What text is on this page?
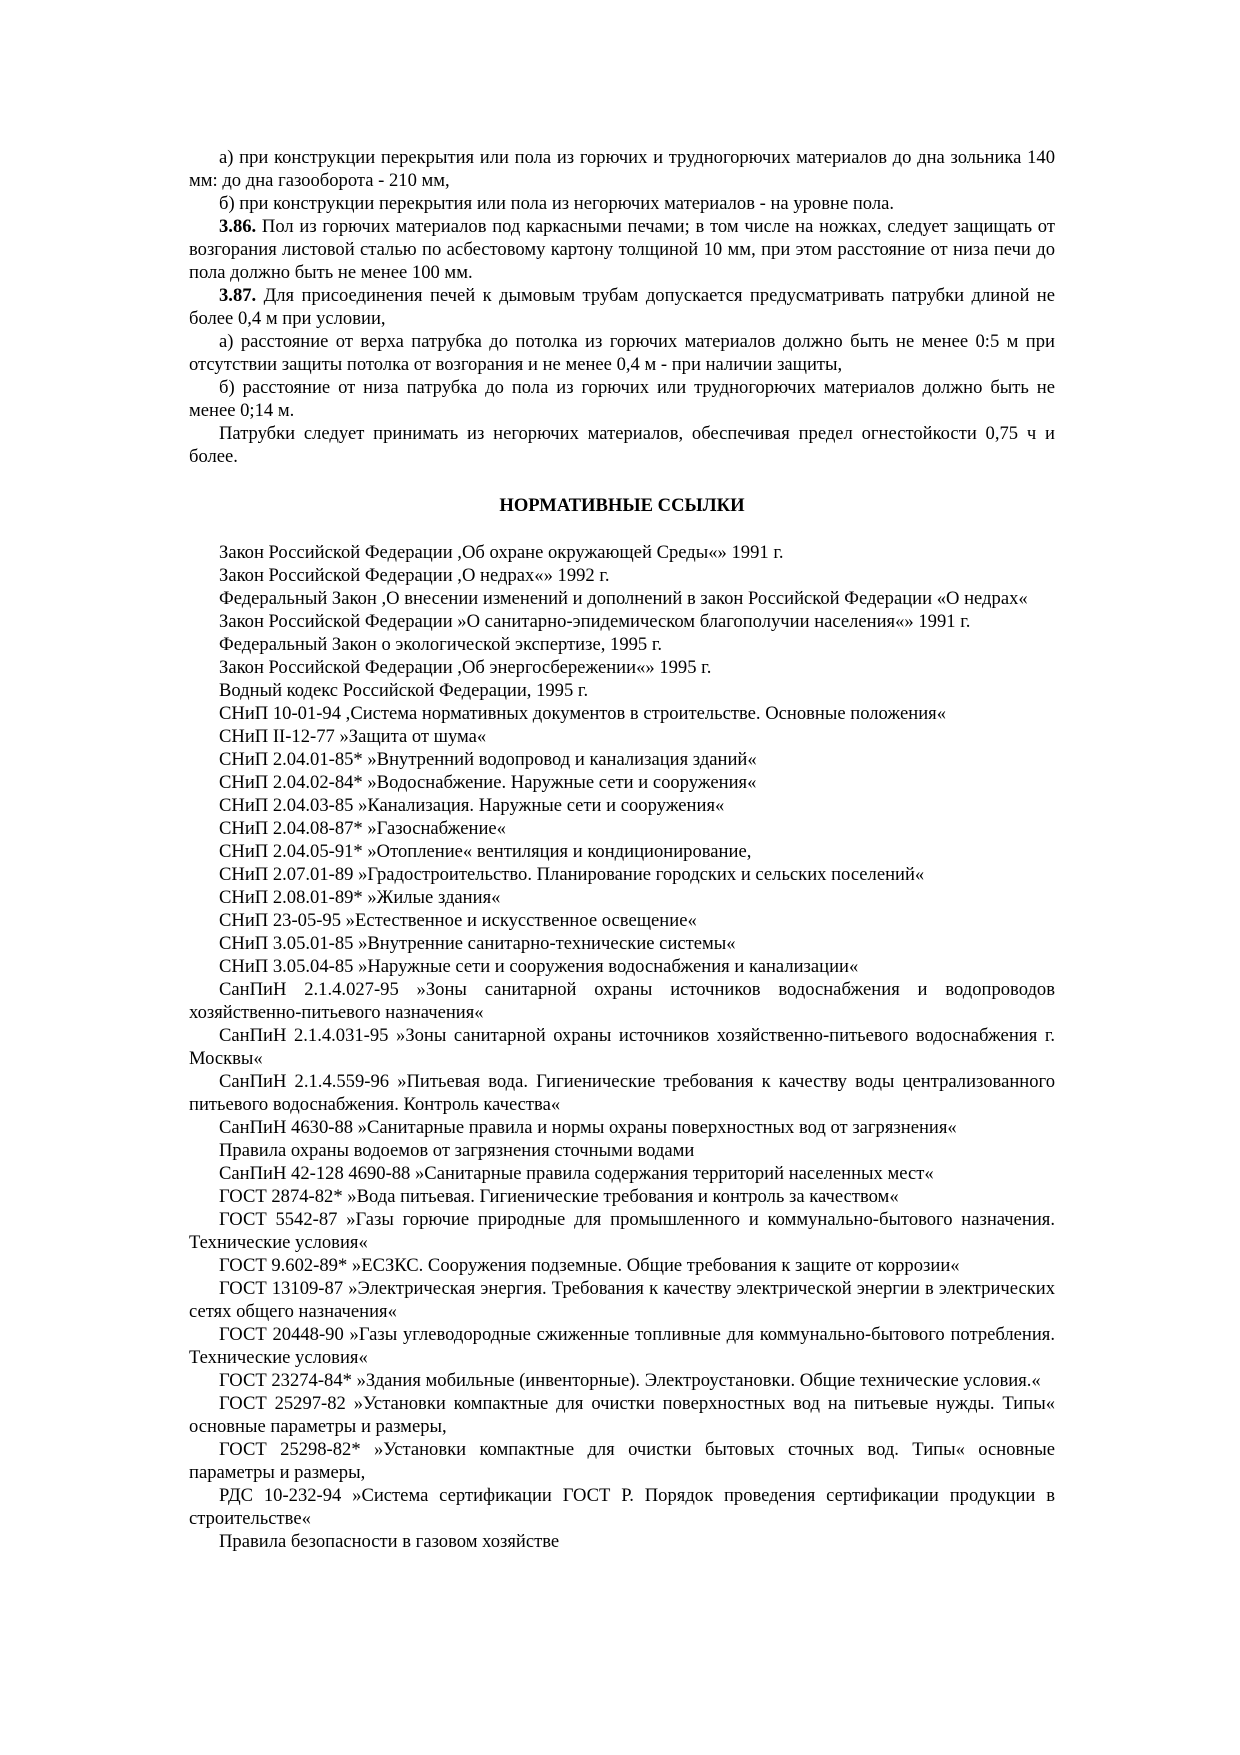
а) при конструкции перекрытия или пола из горючих и трудногорючих материалов до дна зольника 140 мм: до дна газооборота - 210 мм,

б) при конструкции перекрытия или пола из негорючих материалов - на уровне пола.

3.86. Пол из горючих материалов под каркасными печами; в том числе на ножках, следует защищать от возгорания листовой сталью по асбестовому картону толщиной 10 мм, при этом расстояние от низа печи до пола должно быть не менее 100 мм.

3.87. Для присоединения печей к дымовым трубам допускается предусматривать патрубки длиной не более 0,4 м при условии,

а) расстояние от верха патрубка до потолка из горючих материалов должно быть не менее 0:5 м при отсутствии защиты потолка от возгорания и не менее 0,4 м - при наличии защиты,

б) расстояние от низа патрубка до пола из горючих или трудногорючих материалов должно быть не менее 0;14 м.

Патрубки следует принимать из негорючих материалов, обеспечивая предел огнестойкости 0,75 ч и более.

НОРМАТИВНЫЕ ССЫЛКИ

Закон Российской Федерации ,Об охране окружающей Среды«» 1991 г.

Закон Российской Федерации ,О недрах«» 1992 г.

Федеральный Закон ,О внесении изменений и дополнений в закон Российской Федерации «О недрах«

Закон Российской Федерации »О санитарно-эпидемическом благополучии населения«» 1991 г.

Федеральный Закон о экологической экспертизе, 1995 г.

Закон Российской Федерации ,Об энергосбережении«» 1995 г.

Водный кодекс Российской Федерации, 1995 г.

СНиП 10-01-94 ,Система нормативных документов в строительстве. Основные положения«

СНиП II-12-77 »Защита от шума«

СНиП 2.04.01-85* »Внутренний водопровод и канализация зданий«

СНиП 2.04.02-84* »Водоснабжение. Наружные сети и сооружения«

СНиП 2.04.03-85 »Канализация. Наружные сети и сооружения«

СНиП 2.04.08-87* »Газоснабжение«

СНиП 2.04.05-91* »Отопление« вентиляция и кондиционирование,

СНиП 2.07.01-89 »Градостроительство. Планирование городских и сельских поселений«

СНиП 2.08.01-89* »Жилые здания«

СНиП 23-05-95 »Естественное и искусственное освещение«

СНиП 3.05.01-85 »Внутренние санитарно-технические системы«

СНиП 3.05.04-85 »Наружные сети и сооружения водоснабжения и канализации«

СанПиН 2.1.4.027-95 »Зоны санитарной охраны источников водоснабжения и водопроводов хозяйственно-питьевого назначения«

СанПиН 2.1.4.031-95 »Зоны санитарной охраны источников хозяйственно-питьевого водоснабжения г. Москвы«

СанПиН 2.1.4.559-96 »Питьевая вода. Гигиенические требования к качеству воды централизованного питьевого водоснабжения. Контроль качества«

СанПиН 4630-88 »Санитарные правила и нормы охраны поверхностных вод от загрязнения«

Правила охраны водоемов от загрязнения сточными водами

СанПиН 42-128 4690-88 »Санитарные правила содержания территорий населенных мест«

ГОСТ 2874-82* »Вода питьевая. Гигиенические требования и контроль за качеством«

ГОСТ 5542-87 »Газы горючие природные для промышленного и коммунально-бытового назначения. Технические условия«

ГОСТ 9.602-89* »ЕСЗКС. Сооружения подземные. Общие требования к защите от коррозии«

ГОСТ 13109-87 »Электрическая энергия. Требования к качеству электрической энергии в электрических сетях общего назначения«

ГОСТ 20448-90 »Газы углеводородные сжиженные топливные для коммунально-бытового потребления. Технические условия«

ГОСТ 23274-84* »Здания мобильные (инвенторные). Электроустановки. Общие технические условия.«

ГОСТ 25297-82 »Установки компактные для очистки поверхностных вод на питьевые нужды. Типы« основные параметры и размеры,

ГОСТ 25298-82* »Установки компактные для очистки бытовых сточных вод. Типы« основные параметры и размеры,

РДС 10-232-94 »Система сертификации ГОСТ Р. Порядок проведения сертификации продукции в строительстве«

Правила безопасности в газовом хозяйстве
